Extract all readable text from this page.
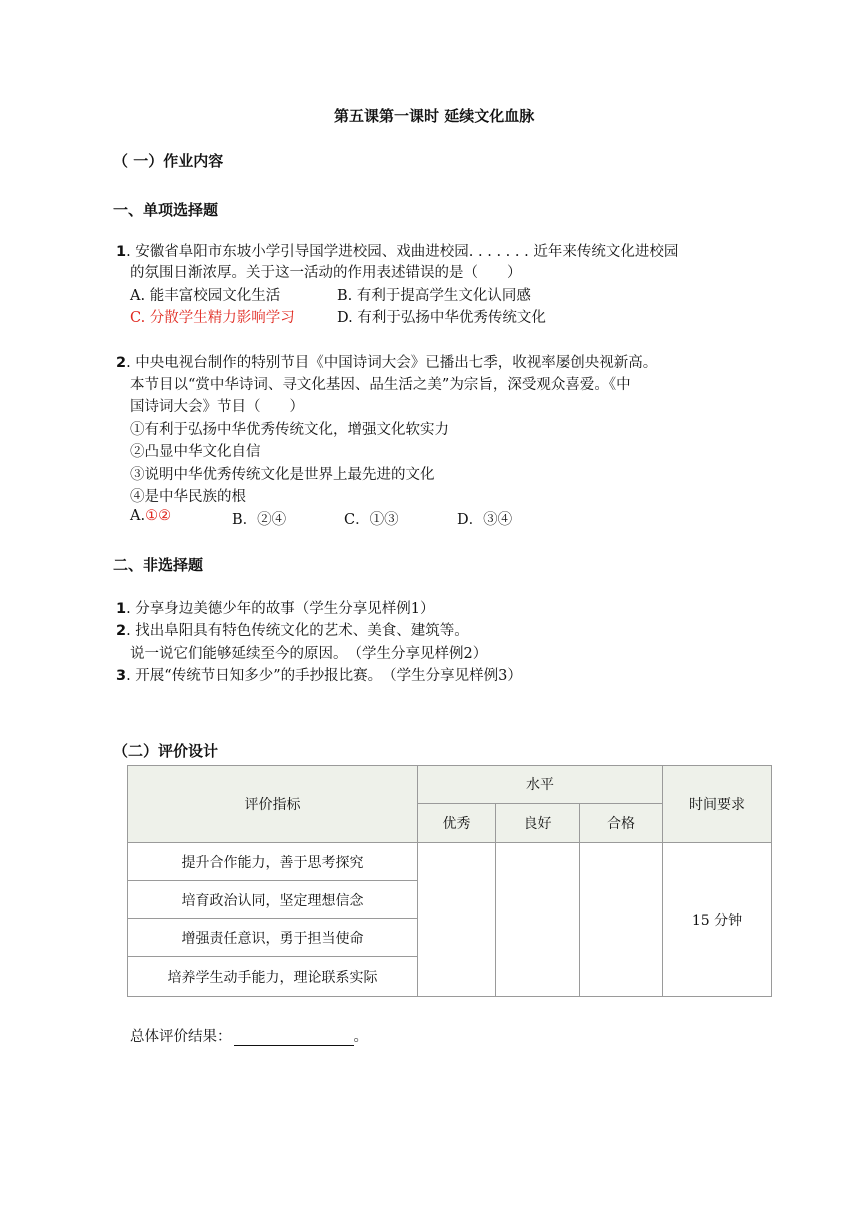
第五课第一课时 延续文化血脉
（ 一）作业内容
一、单项选择题
1. 安徽省阜阳市东坡小学引导国学进校园、戏曲进校园. . . . . . . 近年来传统文化进校园
的氛围日渐浓厚。关于这一活动的作用表述错误的是（　　）
A. 能丰富校园文化生活	B. 有利于提高学生文化认同感
C. 分散学生精力影响学习	D. 有利于弘扬中华优秀传统文化
2. 中央电视台制作的特别节目《中国诗词大会》已播出七季，收视率屡创央视新高。
本节目以“赏中华诗词、寻文化基因、品生活之美”为宗旨，深受观众喜爱。《中
国诗词大会》节目（　　）
①有利于弘扬中华优秀传统文化，增强文化软实力
②凸显中华文化自信
③说明中华优秀传统文化是世界上最先进的文化
④是中华民族的根
A.①②	B．②④	C．①③	D．③④
二、非选择题
1. 分享身边美德少年的故事（学生分享见样例1）
2. 找出阜阳具有特色传统文化的艺术、美食、建筑等。
说一说它们能够延续至今的原因。　（学生分享见样例2）
3. 开展“传统节日知多少”的手抄报比赛。　（学生分享见样例3）
（二）评价设计
评价指标	水平			时间要求
	优秀	良好	合格	
提升合作能力，善于思考探究				15 分钟
培育政治认同，坚定理想信念				
增强责任意识，勇于担当使命				
培养学生动手能力，理论联系实际				
总体评价结果：	。
